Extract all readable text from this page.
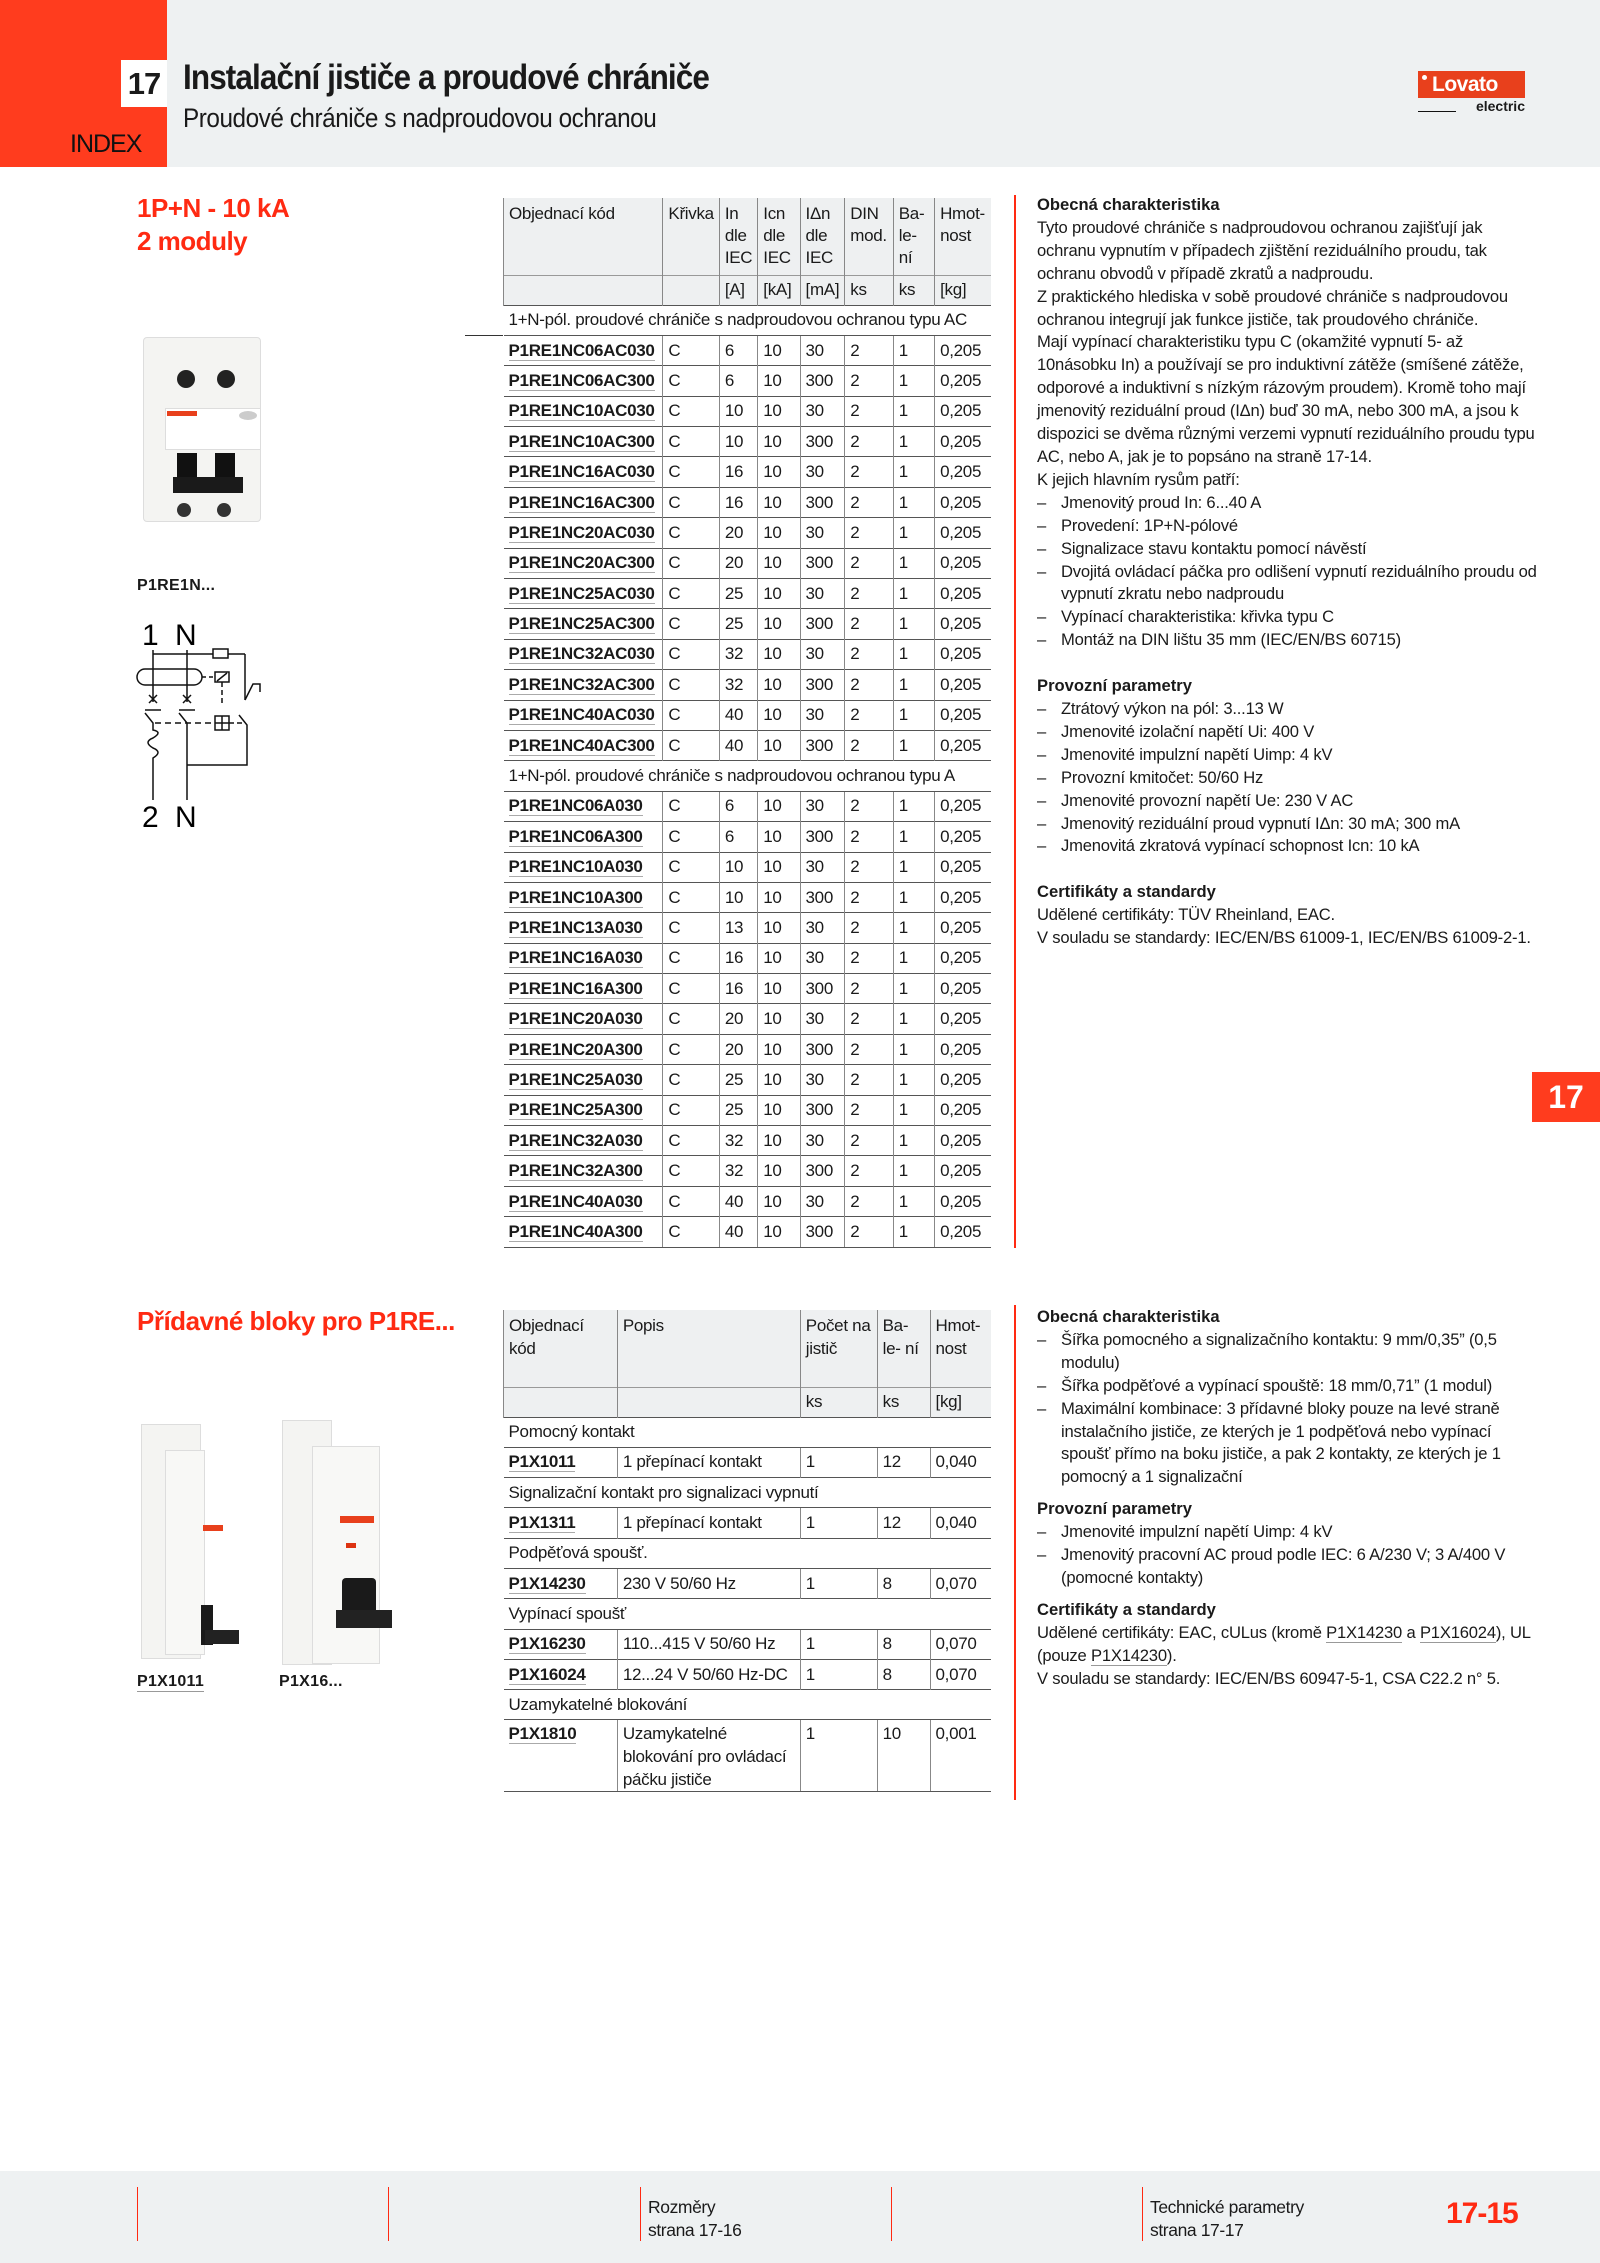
INDEX
17 Instalační jističe a proudové chrániče
Proudové chrániče s nadproudovou ochranou
Lovato
electric
1P+N - 10 kA
2 moduly
P1RE1N...
1 N
2 N
Objednací kód	Křivka	In dle IEC	Icn dle IEC	IΔn dle IEC	DIN mod.	Ba- le- ní	Hmot- nost
		[A]	[kA]	[mA]	ks	ks	[kg]
1+N-pól. proudové chrániče s nadproudovou ochranou typu AC							
P1RE1NC06AC030	C	6	10	30	2	1	0,205
P1RE1NC06AC300	C	6	10	300	2	1	0,205
P1RE1NC10AC030	C	10	10	30	2	1	0,205
P1RE1NC10AC300	C	10	10	300	2	1	0,205
P1RE1NC16AC030	C	16	10	30	2	1	0,205
P1RE1NC16AC300	C	16	10	300	2	1	0,205
P1RE1NC20AC030	C	20	10	30	2	1	0,205
P1RE1NC20AC300	C	20	10	300	2	1	0,205
P1RE1NC25AC030	C	25	10	30	2	1	0,205
P1RE1NC25AC300	C	25	10	300	2	1	0,205
P1RE1NC32AC030	C	32	10	30	2	1	0,205
P1RE1NC32AC300	C	32	10	300	2	1	0,205
P1RE1NC40AC030	C	40	10	30	2	1	0,205
P1RE1NC40AC300	C	40	10	300	2	1	0,205
1+N-pól. proudové chrániče s nadproudovou ochranou typu A							
P1RE1NC06A030	C	6	10	30	2	1	0,205
P1RE1NC06A300	C	6	10	300	2	1	0,205
P1RE1NC10A030	C	10	10	30	2	1	0,205
P1RE1NC10A300	C	10	10	300	2	1	0,205
P1RE1NC13A030	C	13	10	30	2	1	0,205
P1RE1NC16A030	C	16	10	30	2	1	0,205
P1RE1NC16A300	C	16	10	300	2	1	0,205
P1RE1NC20A030	C	20	10	30	2	1	0,205
P1RE1NC20A300	C	20	10	300	2	1	0,205
P1RE1NC25A030	C	25	10	30	2	1	0,205
P1RE1NC25A300	C	25	10	300	2	1	0,205
P1RE1NC32A030	C	32	10	30	2	1	0,205
P1RE1NC32A300	C	32	10	300	2	1	0,205
P1RE1NC40A030	C	40	10	30	2	1	0,205
P1RE1NC40A300	C	40	10	300	2	1	0,205
Obecná charakteristika

Tyto proudové chrániče s nadproudovou ochranou zajišťují jak ochranu vypnutím v případech zjištění reziduálního proudu, tak ochranu obvodů v případě zkratů a nadproudu.

Z praktického hlediska v sobě proudové chrániče s nadproudovou ochranou integrují jak funkce jističe, tak proudového chrániče.

Mají vypínací charakteristiku typu C (okamžité vypnutí 5- až 10násobku In) a používají se pro induktivní zátěže (smíšené zátěže, odporové a induktivní s nízkým rázovým proudem). Kromě toho mají jmenovitý reziduální proud (IΔn) buď 30 mA, nebo 300 mA, a jsou k dispozici se dvěma různými verzemi vypnutí reziduálního proudu typu AC, nebo A, jak je to popsáno na straně 17-14.

K jejich hlavním rysům patří:

– Jmenovitý proud In: 6...40 A
– Provedení: 1P+N-pólové
– Signalizace stavu kontaktu pomocí návěstí
– Dvojitá ovládací páčka pro odlišení vypnutí reziduálního proudu od vypnutí zkratu nebo nadproudu
– Vypínací charakteristika: křivka typu C
– Montáž na DIN lištu 35 mm (IEC/EN/BS 60715)
Provozní parametry
– Ztrátový výkon na pól: 3...13 W
– Jmenovité izolační napětí Ui: 400 V
– Jmenovité impulzní napětí Uimp: 4 kV
– Provozní kmitočet: 50/60 Hz
– Jmenovité provozní napětí Ue: 230 V AC
– Jmenovitý reziduální proud vypnutí IΔn: 30 mA; 300 mA
– Jmenovitá zkratová vypínací schopnost Icn: 10 kA
Certifikáty a standardy

Udělené certifikáty: TÜV Rheinland, EAC.

V souladu se standardy: IEC/EN/BS 61009-1, IEC/EN/BS 61009-2-1.

17
Přídavné bloky pro P1RE...
P1X1011	P1X16...
Objednací kód	Popis	Počet na jistič	Ba- le- ní	Hmot- nost
		ks	ks	[kg]
Pomocný kontakt				
P1X1011	1 přepínací kontakt	1	12	0,040
Signalizační kontakt pro signalizaci vypnutí				
P1X1311	1 přepínací kontakt	1	12	0,040
Podpěťová spoušť.				
P1X14230	230 V 50/60 Hz	1	8	0,070
Vypínací spoušť				
P1X16230	110...415 V 50/60 Hz	1	8	0,070
P1X16024	12...24 V 50/60 Hz-DC	1	8	0,070
Uzamykatelné blokování				
P1X1810	Uzamykatelné blokování pro ovládací páčku jističe	1	10	0,001
Obecná charakteristika
– Šířka pomocného a signalizačního kontaktu: 9 mm/0,35” (0,5 modulu)
– Šířka podpěťové a vypínací spouště: 18 mm/0,71” (1 modul)
– Maximální kombinace: 3 přídavné bloky pouze na levé straně instalačního jističe, ze kterých je 1 podpěťová nebo vypínací spoušť přímo na boku jističe, a pak 2 kontakty, ze kterých je 1 pomocný a 1 signalizační
Provozní parametry
– Jmenovité impulzní napětí Uimp: 4 kV
– Jmenovitý pracovní AC proud podle IEC: 6 A/230 V; 3 A/400 V (pomocné kontakty)
Certifikáty a standardy

Udělené certifikáty: EAC, cULus (kromě P1X14230 a P1X16024), UL (pouze P1X14230).

V souladu se standardy: IEC/EN/BS 60947-5-1, CSA C22.2 n° 5.

Rozměry
strana 17-16
Technické parametry
strana 17-17	17-15
